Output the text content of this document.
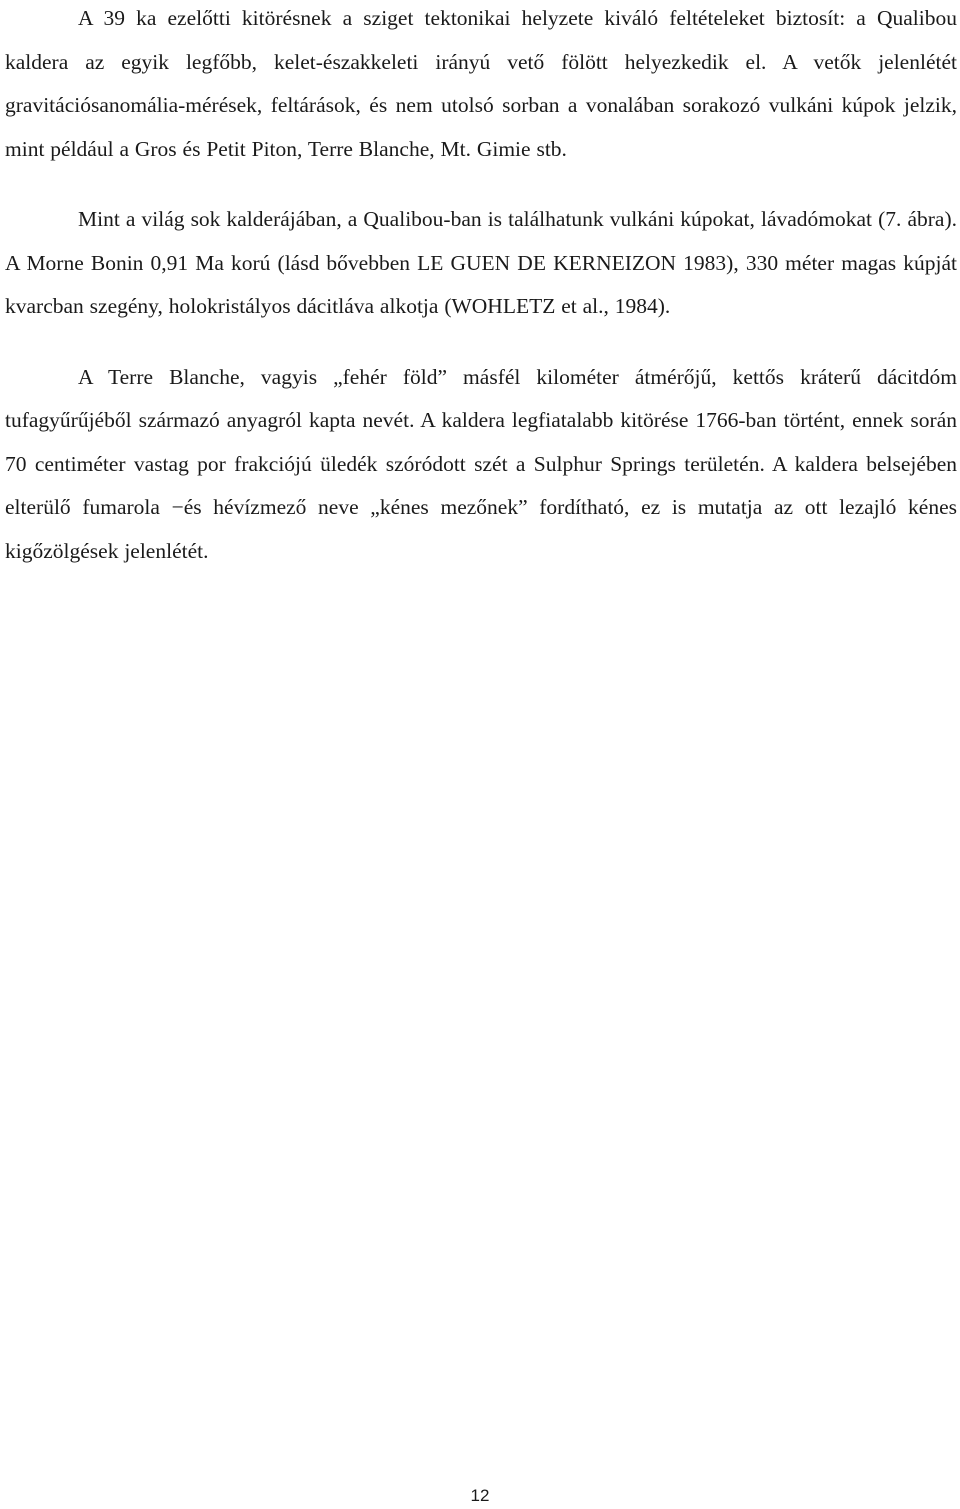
A 39 ka ezelőtti kitörésnek a sziget tektonikai helyzete kiváló feltételeket biztosít: a Qualibou kaldera az egyik legfőbb, kelet-északkeleti irányú vető fölött helyezkedik el. A vetők jelenlétét gravitációsanomália-mérések, feltárások, és nem utolsó sorban a vonalában sorakozó vulkáni kúpok jelzik, mint például a Gros és Petit Piton, Terre Blanche, Mt. Gimie stb.

Mint a világ sok kalderájában, a Qualibou-ban is találhatunk vulkáni kúpokat, lávadómokat (7. ábra). A Morne Bonin 0,91 Ma korú (lásd bővebben LE GUEN DE KERNEIZON 1983), 330 méter magas kúpját kvarcban szegény, holokristályos dácitláva alkotja (WOHLETZ et al., 1984).

A Terre Blanche, vagyis „fehér föld” másfél kilométer átmérőjű, kettős kráterű dácitdóm tufagyűrűjéből származó anyagról kapta nevét. A kaldera legfiatalabb kitörése 1766-ban történt, ennek során 70 centiméter vastag por frakciójú üledék szóródott szét a Sulphur Springs területén. A kaldera belsejében elterülő fumarola −és hévízmező neve „kénes mezőnek” fordítható, ez is mutatja az ott lezajló kénes kigőzölgések jelenlétét.

12
